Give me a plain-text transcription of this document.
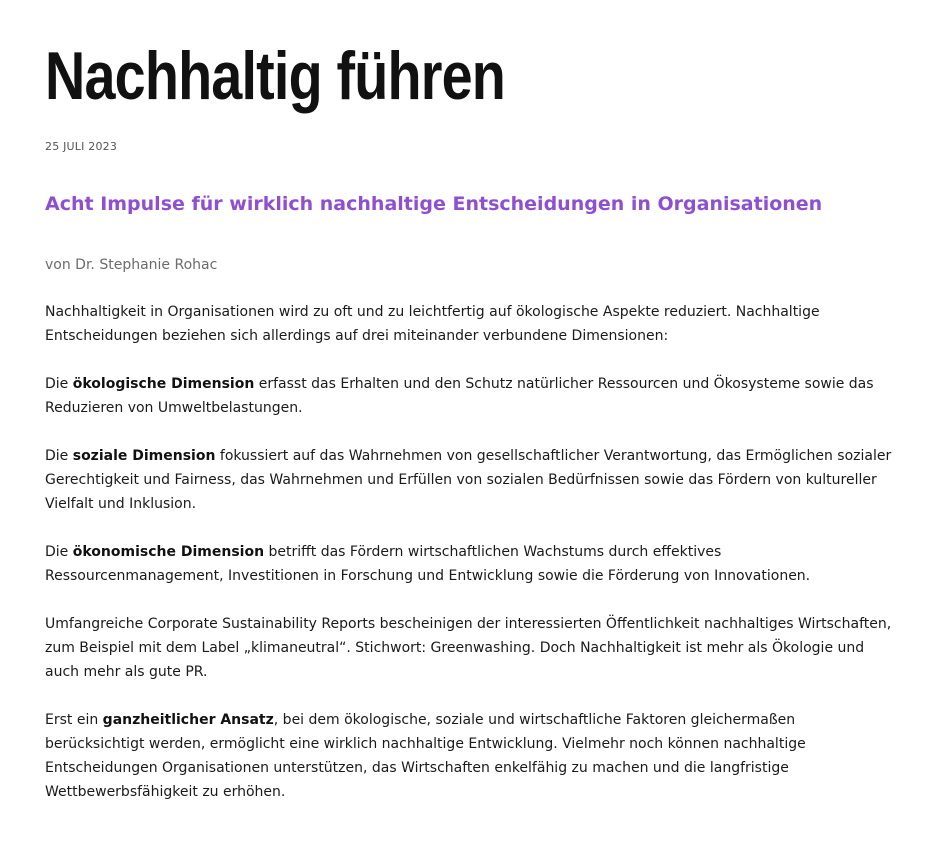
Nachhaltig führen
25 JULI 2023
Acht Impulse für wirklich nachhaltige Entscheidungen in Organisationen
von Dr. Stephanie Rohac

Nachhaltigkeit in Organisationen wird zu oft und zu leichtfertig auf ökologische Aspekte reduziert. Nachhaltige Entscheidungen beziehen sich allerdings auf drei miteinander verbundene Dimensionen:

Die ökologische Dimension erfasst das Erhalten und den Schutz natürlicher Ressourcen und Ökosysteme sowie das Reduzieren von Umweltbelastungen.

Die soziale Dimension fokussiert auf das Wahrnehmen von gesellschaftlicher Verantwortung, das Ermöglichen sozialer Gerechtigkeit und Fairness, das Wahrnehmen und Erfüllen von sozialen Bedürfnissen sowie das Fördern von kultureller Vielfalt und Inklusion.

Die ökonomische Dimension betrifft das Fördern wirtschaftlichen Wachstums durch effektives Ressourcenmanagement, Investitionen in Forschung und Entwicklung sowie die Förderung von Innovationen.

Umfangreiche Corporate Sustainability Reports bescheinigen der interessierten Öffentlichkeit nachhaltiges Wirtschaften, zum Beispiel mit dem Label „klimaneutral“. Stichwort: Greenwashing. Doch Nachhaltigkeit ist mehr als Ökologie und auch mehr als gute PR.

Erst ein ganzheitlicher Ansatz, bei dem ökologische, soziale und wirtschaftliche Faktoren gleichermaßen berücksichtigt werden, ermöglicht eine wirklich nachhaltige Entwicklung. Vielmehr noch können nachhaltige Entscheidungen Organisationen unterstützen, das Wirtschaften enkelfähig zu machen und die langfristige Wettbewerbsfähigkeit zu erhöhen.
